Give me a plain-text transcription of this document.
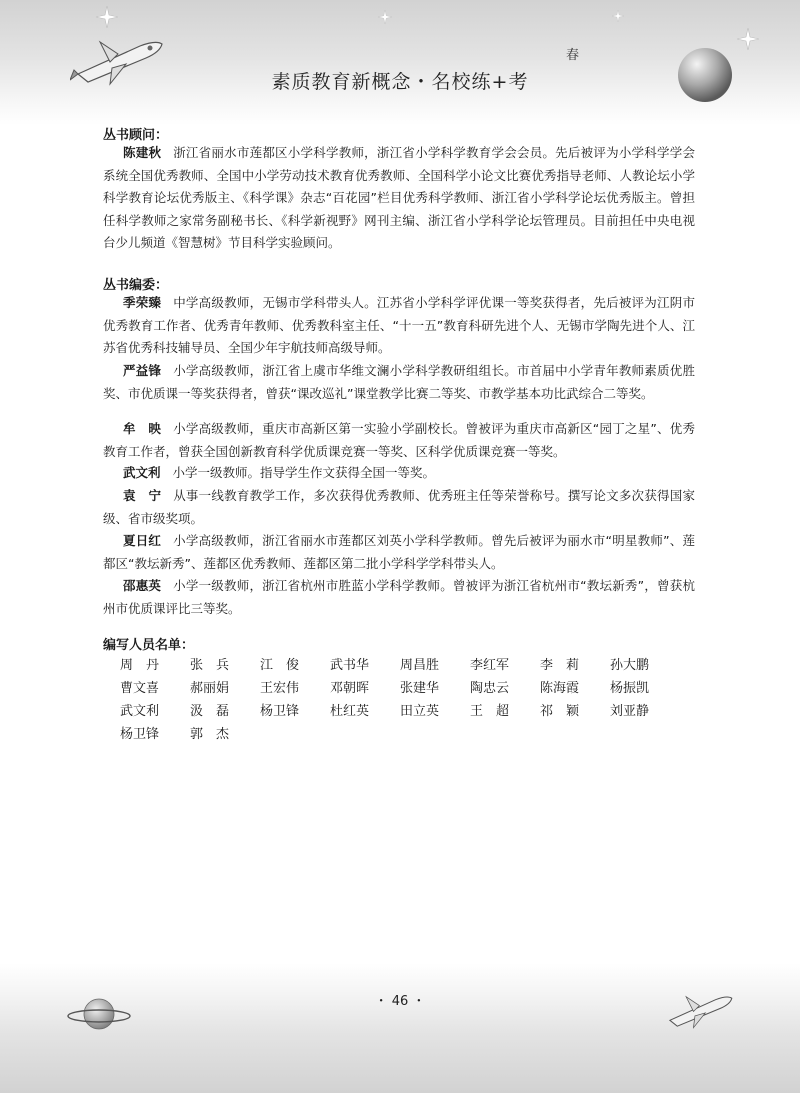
素质教育新概念・名校练+考
春
丛书顾问：
陈建秋 浙江省丽水市莲都区小学科学教师，浙江省小学科学教育学会会员。先后被评为小学科学学会系统全国优秀教师、全国中小学劳动技术教育优秀教师、全国科学小论文比赛优秀指导老师、人教论坛小学科学教育论坛优秀版主、《科学课》杂志“百花园”栏目优秀科学教师、浙江省小学科学论坛优秀版主。曾担任科学教师之家常务副秘书长、《科学新视野》网刊主编、浙江省小学科学论坛管理员。目前担任中央电视台少儿频道《智慧树》节目科学实验顾问。
丛书编委：
季荣臻 中学高级教师，无锡市学科带头人。江苏省小学科学评优课一等奖获得者，先后被评为江阴市优秀教育工作者、优秀青年教师、优秀教科室主任、“十一五”教育科研先进个人、无锡市学陶先进个人、江苏省优秀科技辅导员、全国少年宇航技师高级导师。
严益锋 小学高级教师，浙江省上虞市华维文澜小学科学教研组组长。市首届中小学青年教师素质优胜奖、市优质课一等奖获得者，曾获“课改巡礼”课堂教学比赛二等奖、市教学基本功比武综合二等奖。
牟　映 小学高级教师，重庆市高新区第一实验小学副校长。曾被评为重庆市高新区“园丁之星”、优秀教育工作者，曾获全国创新教育科学优质课竞赛一等奖、区科学优质课竞赛一等奖。
武文利 小学一级教师。指导学生作文获得全国一等奖。
袁　宁 从事一线教育教学工作，多次获得优秀教师、优秀班主任等荣誉称号。撰写论文多次获得国家级、省市级奖项。
夏日红 小学高级教师，浙江省丽水市莲都区刘英小学科学教师。曾先后被评为丽水市“明星教师”、莲都区“教坛新秀”、莲都区优秀教师、莲都区第二批小学科学学科带头人。
邵惠英 小学一级教师，浙江省杭州市胜蓝小学科学教师。曾被评为浙江省杭州市“教坛新秀”，曾获杭州市优质课评比三等奖。
编写人员名单：
周　丹	张　兵	江　俊	武书华	周昌胜	李红军	李　莉	孙大鹏
曹文喜	郝丽娟	王宏伟	邓朝晖	张建华	陶忠云	陈海霞	杨振凯
武文利	汲　磊	杨卫锋	杜红英	田立英	王　超	祁　颖	刘亚静
杨卫锋	郭　杰
・ 46 ・
